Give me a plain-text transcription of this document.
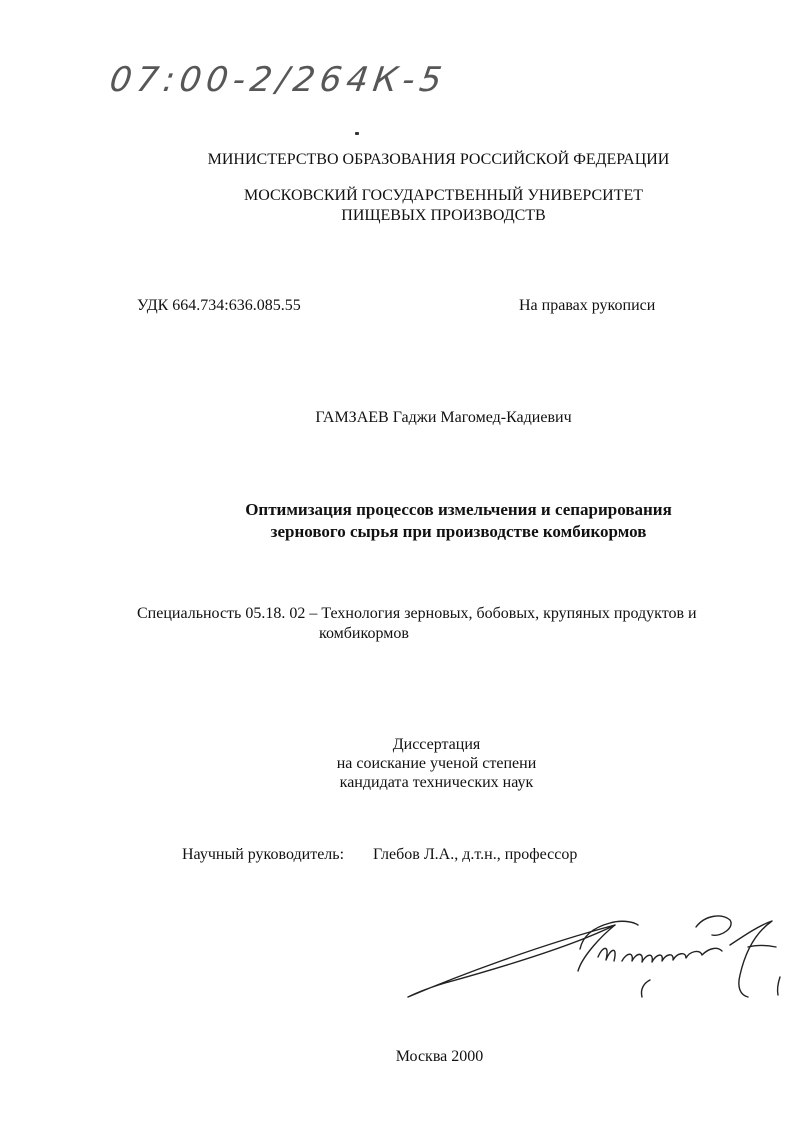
07:00-2/264К-5
МИНИСТЕРСТВО ОБРАЗОВАНИЯ РОССИЙСКОЙ ФЕДЕРАЦИИ
МОСКОВСКИЙ ГОСУДАРСТВЕННЫЙ УНИВЕРСИТЕТ
ПИЩЕВЫХ ПРОИЗВОДСТВ
УДК 664.734:636.085.55	На правах рукописи
ГАМЗАЕВ Гаджи Магомед-Кадиевич
Оптимизация процессов измельчения и сепарирования
зернового сырья при производстве комбикормов
Специальность 05.18. 02 – Технология зерновых, бобовых, крупяных продуктов и
комбикормов
Диссертация
на соискание ученой степени
кандидата технических наук
Научный руководитель: Глебов Л.А., д.т.н., профессор
Москва 2000
